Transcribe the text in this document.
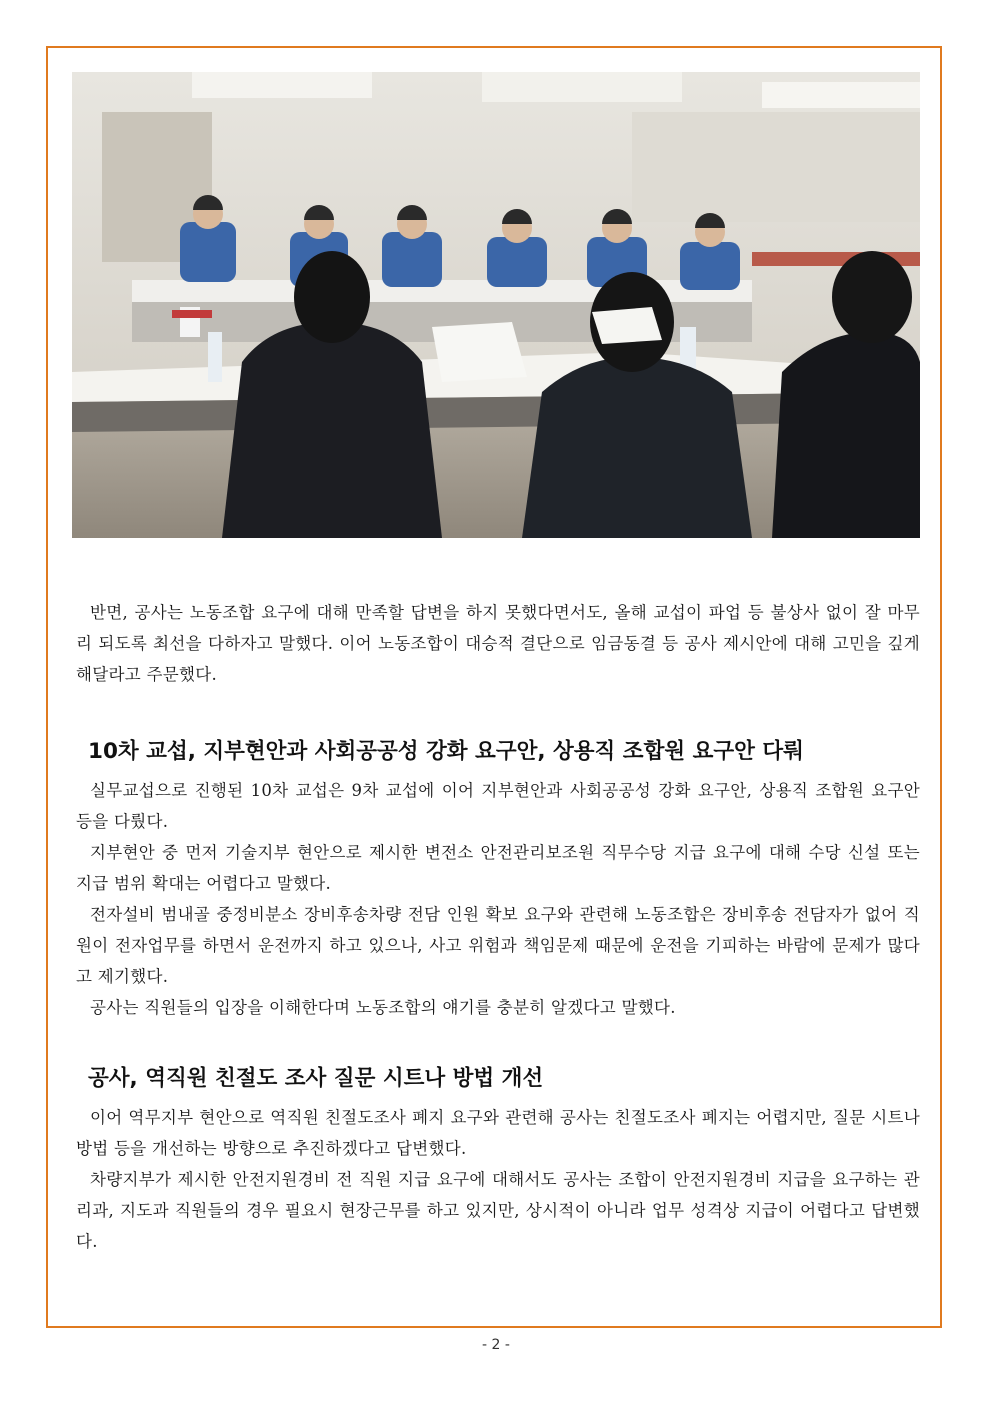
반면, 공사는 노동조합 요구에 대해 만족할 답변을 하지 못했다면서도, 올해 교섭이 파업 등 불상사 없이 잘 마무리 되도록 최선을 다하자고 말했다. 이어 노동조합이 대승적 결단으로 임금동결 등 공사 제시안에 대해 고민을 깊게 해달라고 주문했다.

10차 교섭, 지부현안과 사회공공성 강화 요구안, 상용직 조합원 요구안 다뤄
실무교섭으로 진행된 10차 교섭은 9차 교섭에 이어 지부현안과 사회공공성 강화 요구안, 상용직 조합원 요구안 등을 다뤘다.
지부현안 중 먼저 기술지부 현안으로 제시한 변전소 안전관리보조원 직무수당 지급 요구에 대해 수당 신설 또는 지급 범위 확대는 어렵다고 말했다.
전자설비 범내골 중정비분소 장비후송차량 전담 인원 확보 요구와 관련해 노동조합은 장비후송 전담자가 없어 직원이 전자업무를 하면서 운전까지 하고 있으나, 사고 위험과 책임문제 때문에 운전을 기피하는 바람에 문제가 많다고 제기했다.
공사는 직원들의 입장을 이해한다며 노동조합의 얘기를 충분히 알겠다고 말했다.
공사, 역직원 친절도 조사 질문 시트나 방법 개선
이어 역무지부 현안으로 역직원 친절도조사 폐지 요구와 관련해 공사는 친절도조사 폐지는 어렵지만, 질문 시트나 방법 등을 개선하는 방향으로 추진하겠다고 답변했다.
차량지부가 제시한 안전지원경비 전 직원 지급 요구에 대해서도 공사는 조합이 안전지원경비 지급을 요구하는 관리과, 지도과 직원들의 경우 필요시 현장근무를 하고 있지만, 상시적이 아니라 업무 성격상 지급이 어렵다고 답변했다.
- 2 -
